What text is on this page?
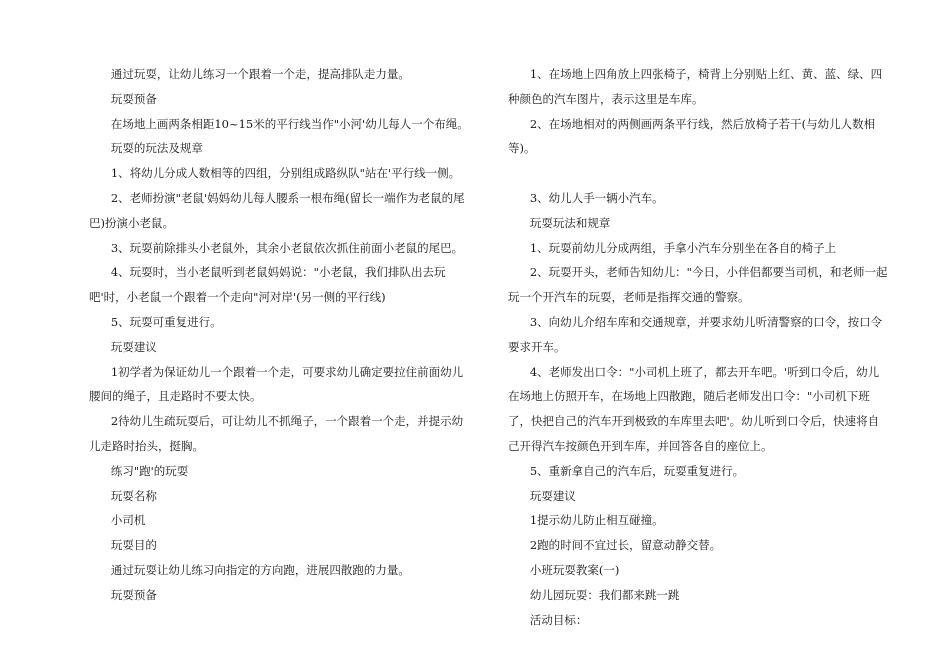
通过玩耍，让幼儿练习一个跟着一个走，提高排队走力量。

玩耍预备

在场地上画两条相距10~15米的平行线当作"小河'幼儿每人一个布绳。

玩耍的玩法及规章

1、将幼儿分成人数相等的四组，分别组成路纵队"站在'平行线一侧。

2、老师扮演"老鼠'妈妈幼儿每人腰系一根布绳(留长一端作为老鼠的尾巴)扮演小老鼠。

3、玩耍前除排头小老鼠外，其余小老鼠依次抓住前面小老鼠的尾巴。

4、玩耍时，当小老鼠听到老鼠妈妈说："小老鼠，我们排队出去玩吧'时，小老鼠一个跟着一个走向"河对岸'(另一侧的平行线)

5、玩耍可重复进行。

玩耍建议

1初学者为保证幼儿一个跟着一个走，可要求幼儿确定要拉住前面幼儿腰间的绳子，且走路时不要太快。

2待幼儿生疏玩耍后，可让幼儿不抓绳子，一个跟着一个走，并提示幼儿走路时抬头，挺胸。

练习"跑'的玩耍

玩耍名称

小司机

玩耍目的

通过玩耍让幼儿练习向指定的方向跑，进展四散跑的力量。

玩耍预备

1、在场地上四角放上四张椅子，椅背上分别贴上红、黄、蓝、绿、四种颜色的汽车图片，表示这里是车库。

2、在场地相对的两侧画两条平行线，然后放椅子若干(与幼儿人数相等)。

3、幼儿人手一辆小汽车。

玩耍玩法和规章

1、玩耍前幼儿分成两组，手拿小汽车分别坐在各自的椅子上

2、玩耍开头，老师告知幼儿："今日，小伴侣都要当司机，和老师一起玩一个开汽车的玩耍，老师是指挥交通的警察。

3、向幼儿介绍车库和交通规章，并要求幼儿听清警察的口令，按口令要求开车。

4、老师发出口令："小司机上班了，都去开车吧。'听到口令后，幼儿在场地上仿照开车，在场地上四散跑，随后老师发出口令："小司机下班了，快把自己的汽车开到极致的车库里去吧'。幼儿听到口令后，快速将自己开得汽车按颜色开到车库，并回答各自的座位上。

5、重新拿自己的汽车后，玩耍重复进行。

玩耍建议

1提示幼儿防止相互碰撞。

2跑的时间不宜过长，留意动静交替。

小班玩耍教案(一)

幼儿园玩耍：我们都来跳一跳

活动目标：
